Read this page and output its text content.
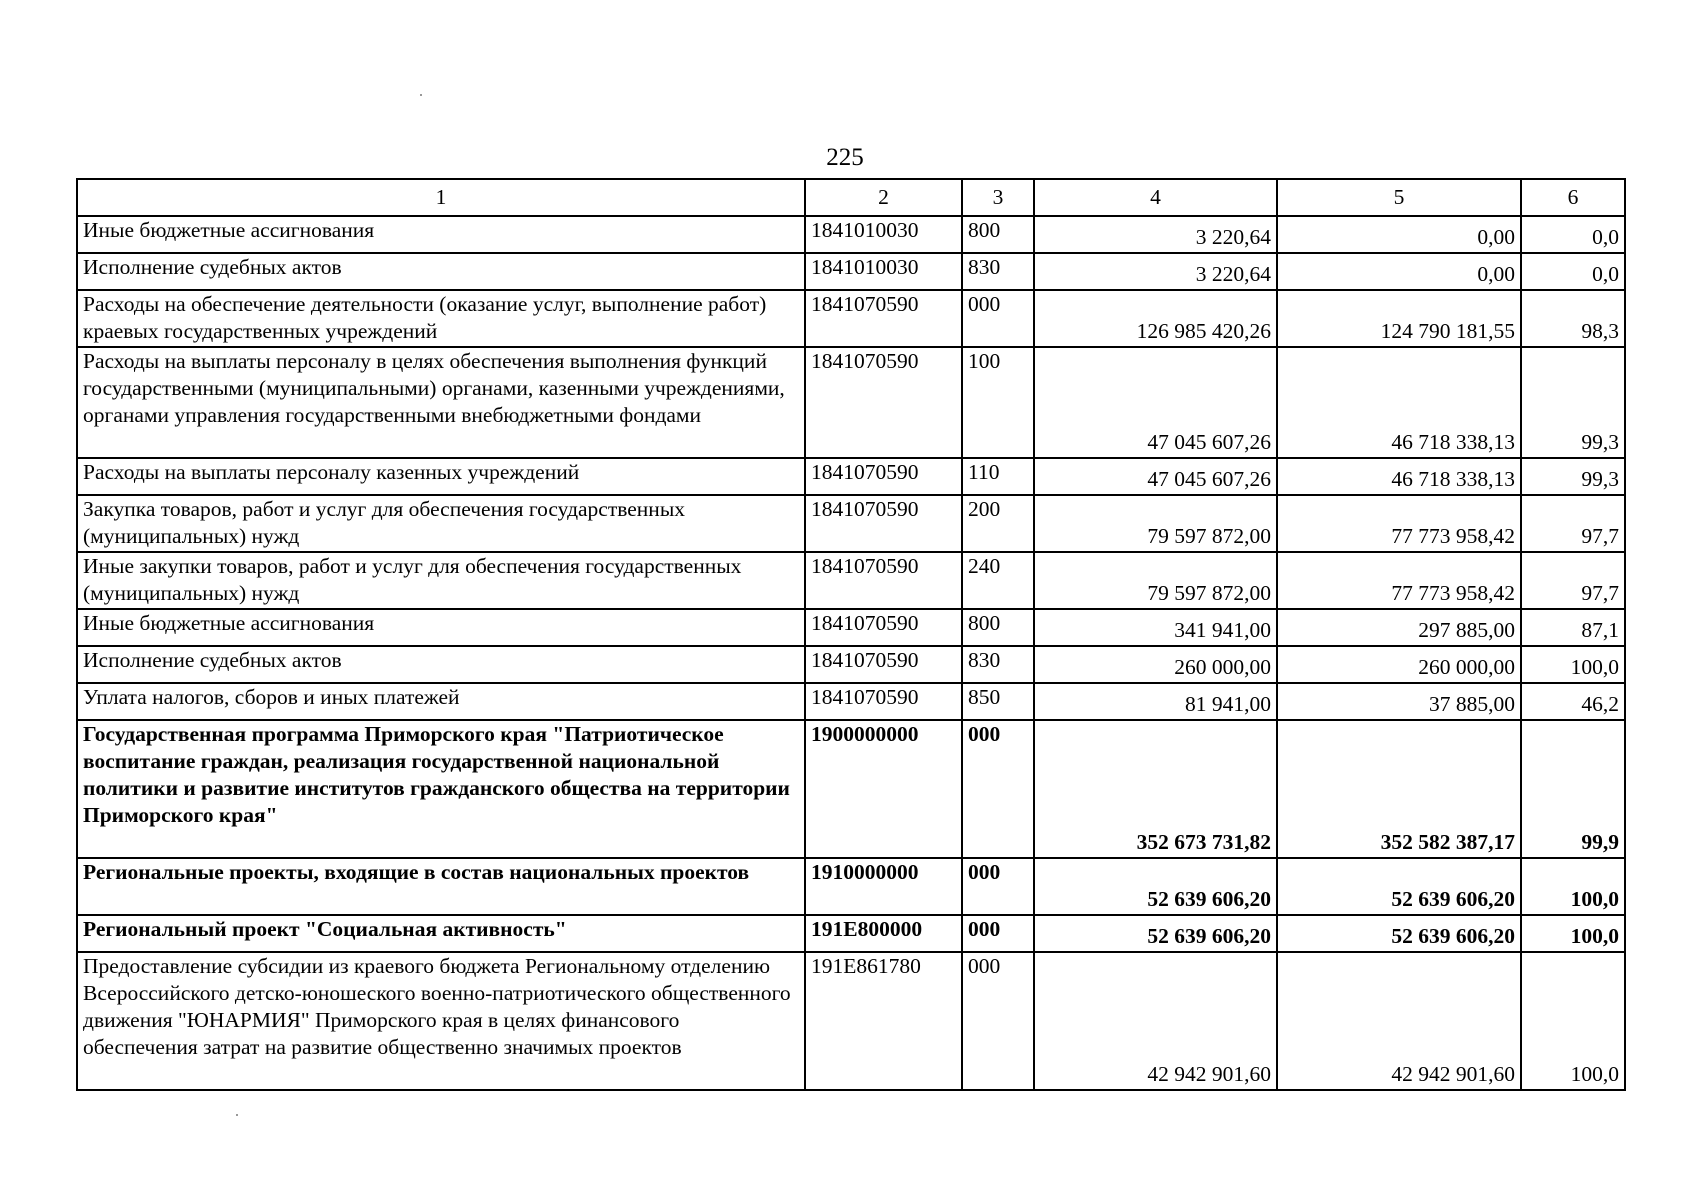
225
1	2	3	4	5	6
Иные бюджетные ассигнования	1841010030	800	3 220,64	0,00	0,0
Исполнение судебных актов	1841010030	830	3 220,64	0,00	0,0
Расходы на обеспечение деятельности (оказание услуг, выполнение работ) краевых государственных учреждений	1841070590	000	126 985 420,26	124 790 181,55	98,3
Расходы на выплаты персоналу в целях обеспечения выполнения функций государственными (муниципальными) органами, казенными учреждениями, органами управления государственными внебюджетными фондами	1841070590	100	47 045 607,26	46 718 338,13	99,3
Расходы на выплаты персоналу казенных учреждений	1841070590	110	47 045 607,26	46 718 338,13	99,3
Закупка товаров, работ и услуг для обеспечения государственных (муниципальных) нужд	1841070590	200	79 597 872,00	77 773 958,42	97,7
Иные закупки товаров, работ и услуг для обеспечения государственных (муниципальных) нужд	1841070590	240	79 597 872,00	77 773 958,42	97,7
Иные бюджетные ассигнования	1841070590	800	341 941,00	297 885,00	87,1
Исполнение судебных актов	1841070590	830	260 000,00	260 000,00	100,0
Уплата налогов, сборов и иных платежей	1841070590	850	81 941,00	37 885,00	46,2
Государственная программа Приморского края "Патриотическое воспитание граждан, реализация государственной национальной политики и развитие институтов гражданского общества на территории Приморского края"	1900000000	000	352 673 731,82	352 582 387,17	99,9
Региональные проекты, входящие в состав национальных проектов	1910000000	000	52 639 606,20	52 639 606,20	100,0
Региональный проект "Социальная активность"	191E800000	000	52 639 606,20	52 639 606,20	100,0
Предоставление субсидии из краевого бюджета Региональному отделению Всероссийского детско-юношеского военно-патриотического общественного движения "ЮНАРМИЯ" Приморского края в целях финансового обеспечения затрат на развитие общественно значимых проектов	191E861780	000	42 942 901,60	42 942 901,60	100,0
